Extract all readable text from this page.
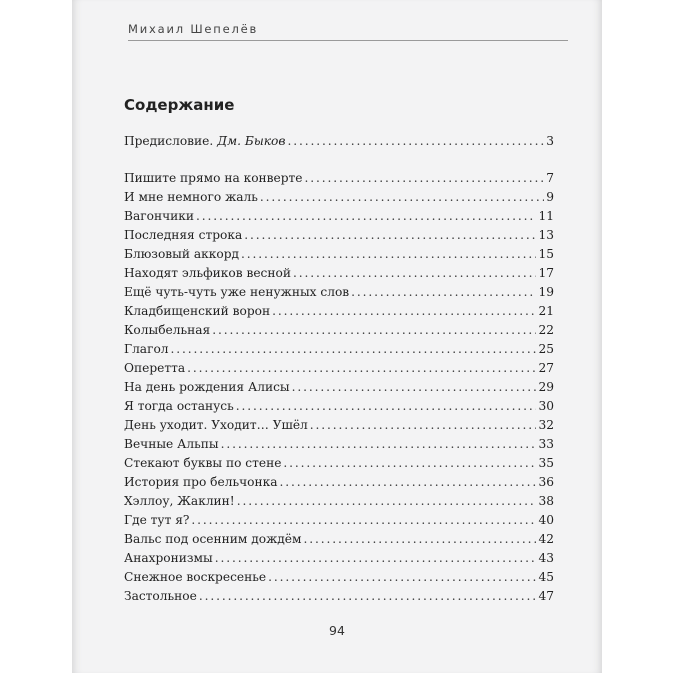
Михаил Шепелёв
Содержание
Предисловие. Дм. Быков . . .	3
Пишите прямо на конверте . . .	7
И мне немного жаль . . .	9
Вагончики . . .	11
Последняя строка . . .	13
Блюзовый аккорд . . .	15
Находят эльфиков весной . . .	17
Ещё чуть-чуть уже ненужных слов . . .	19
Кладбищенский ворон . . .	21
Колыбельная . . .	22
Глагол . . .	25
Оперетта . . .	27
На день рождения Алисы . . .	29
Я тогда останусь . . .	30
День уходит. Уходит… Ушёл . . .	32
Вечные Альпы . . .	33
Стекают буквы по стене . . .	35
История про бельчонка . . .	36
Хэллоу, Жаклин! . . .	38
Где тут я? . . .	40
Вальс под осенним дождём . . .	42
Анахронизмы . . .	43
Снежное воскресенье . . .	45
Застольное . . .	47
94
